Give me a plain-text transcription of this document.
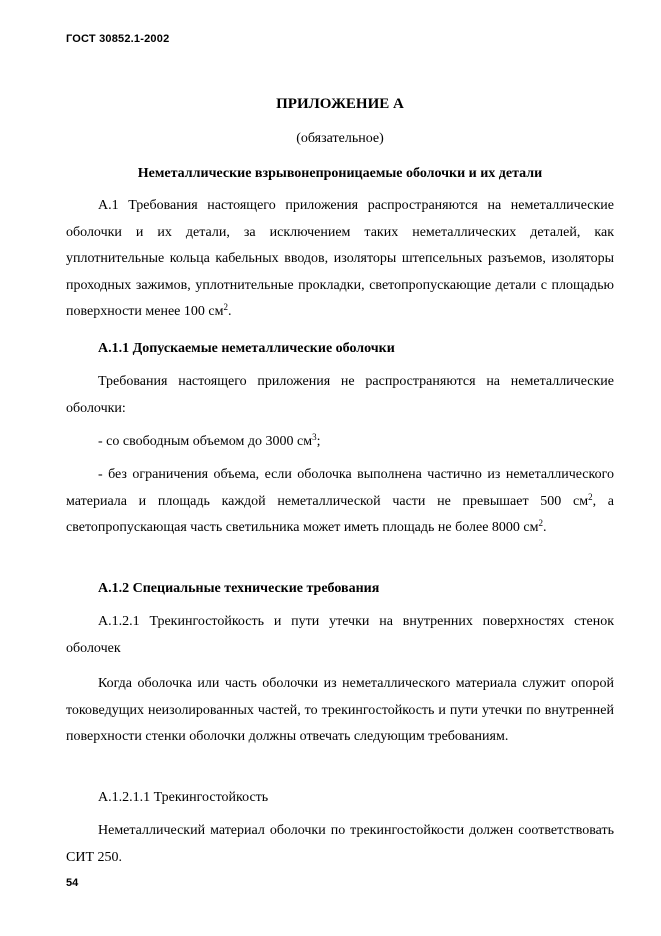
ГОСТ 30852.1-2002
ПРИЛОЖЕНИЕ А
(обязательное)
Неметаллические взрывонепроницаемые оболочки и их детали
А.1 Требования настоящего приложения распространяются на неметаллические оболочки и их детали, за исключением таких неметаллических деталей, как уплотнительные кольца кабельных вводов, изоляторы штепсельных разъемов, изоляторы проходных зажимов, уплотнительные прокладки, светопропускающие детали с площадью поверхности менее 100 $см^2$.
А.1.1 Допускаемые неметаллические оболочки
Требования настоящего приложения не распространяются на неметаллические оболочки:
- со свободным объемом до 3000 $см^3$;
- без ограничения объема, если оболочка выполнена частично из неметаллического материала и площадь каждой неметаллической части не превышает 500 $см^2$, а светопропускающая часть светильника может иметь площадь не более 8000 $см^2$.
А.1.2 Специальные технические требования
А.1.2.1 Трекингостойкость и пути утечки на внутренних поверхностях стенок оболочек
Когда оболочка или часть оболочки из неметаллического материала служит опорой токоведущих неизолированных частей, то трекингостойкость и пути утечки по внутренней поверхности стенки оболочки должны отвечать следующим требованиям.
А.1.2.1.1 Трекингостойкость
Неметаллический материал оболочки по трекингостойкости должен соответствовать СИТ 250.
54
